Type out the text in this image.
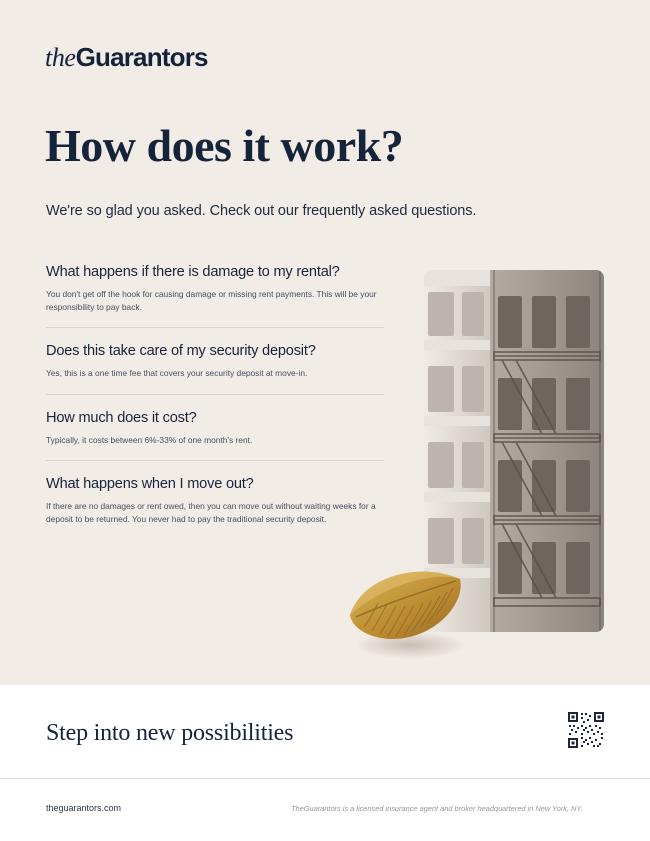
theGuarantors
How does it work?

We're so glad you asked. Check out our frequently asked questions.

What happens if there is damage to my rental?
You don't get off the hook for causing damage or missing rent payments. This will be your responsibility to pay back.
Does this take care of my security deposit?
Yes, this is a one time fee that covers your security deposit at move-in.
How much does it cost?
Typically, it costs between 6%-33% of one month's rent.
What happens when I move out?
If there are no damages or rent owed, then you can move out without waiting weeks for a deposit to be returned. You never had to pay the traditional security deposit.
Step into new possibilities
theguarantors.com	TheGuarantors is a licensed insurance agent and broker headquartered in New York, NY.
